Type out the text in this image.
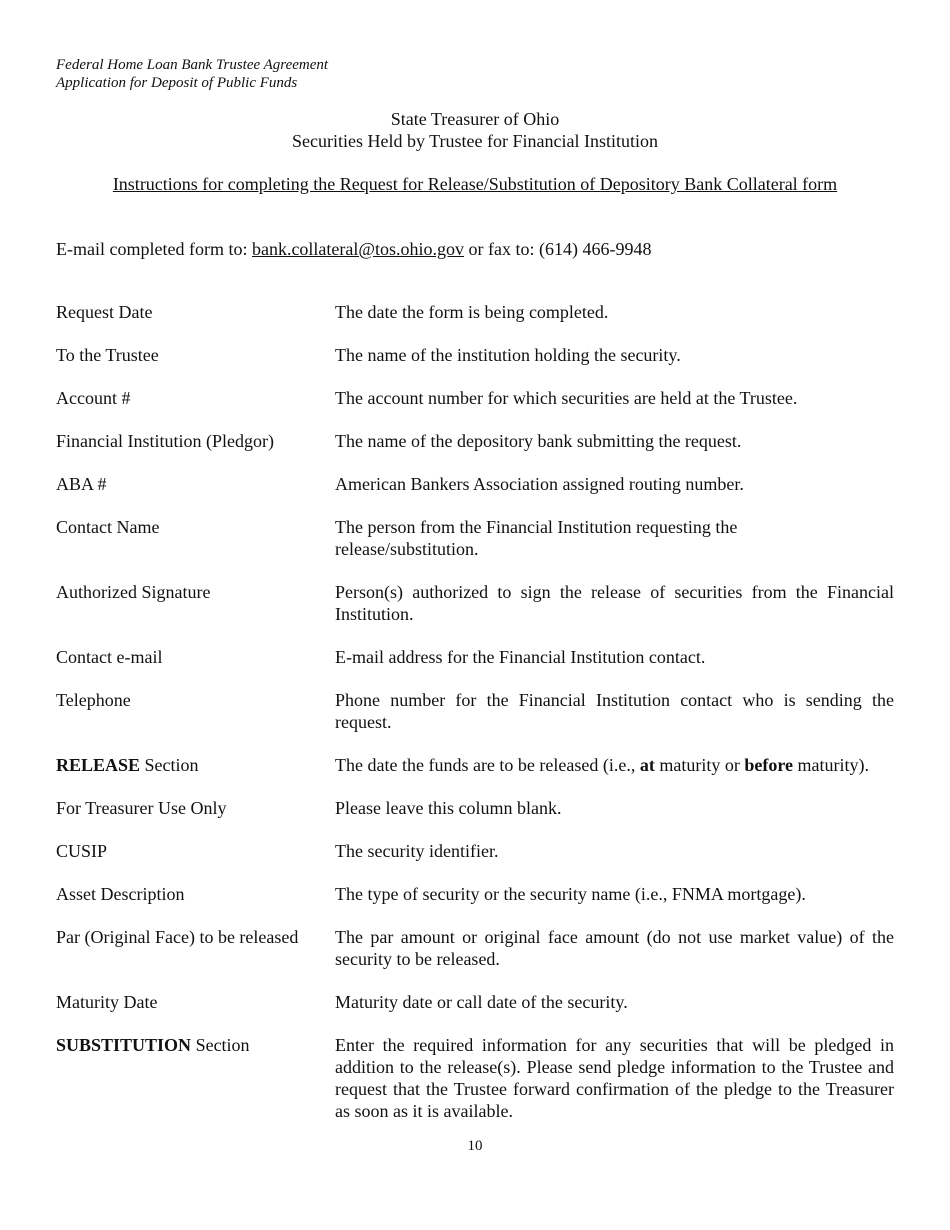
Federal Home Loan Bank Trustee Agreement
Application for Deposit of Public Funds
State Treasurer of Ohio
Securities Held by Trustee for Financial Institution
Instructions for completing the Request for Release/Substitution of Depository Bank Collateral form
E-mail completed form to: bank.collateral@tos.ohio.gov or fax to: (614) 466-9948
Request Date	The date the form is being completed.
To the Trustee	The name of the institution holding the security.
Account #	The account number for which securities are held at the Trustee.
Financial Institution (Pledgor)	The name of the depository bank submitting the request.
ABA #	American Bankers Association assigned routing number.
Contact Name	The person from the Financial Institution requesting the
release/substitution.
Authorized Signature	Person(s) authorized to sign the release of securities from the Financial Institution.
Contact e-mail	E-mail address for the Financial Institution contact.
Telephone	Phone number for the Financial Institution contact who is sending the request.
RELEASE Section	The date the funds are to be released (i.e., at maturity or before maturity).
For Treasurer Use Only	Please leave this column blank.
CUSIP	The security identifier.
Asset Description	The type of security or the security name (i.e., FNMA mortgage).
Par (Original Face) to be released	The par amount or original face amount (do not use market value) of the security to be released.
Maturity Date	Maturity date or call date of the security.
SUBSTITUTION Section	Enter the required information for any securities that will be pledged in addition to the release(s). Please send pledge information to the Trustee and request that the Trustee forward confirmation of the pledge to the Treasurer as soon as it is available.
10
